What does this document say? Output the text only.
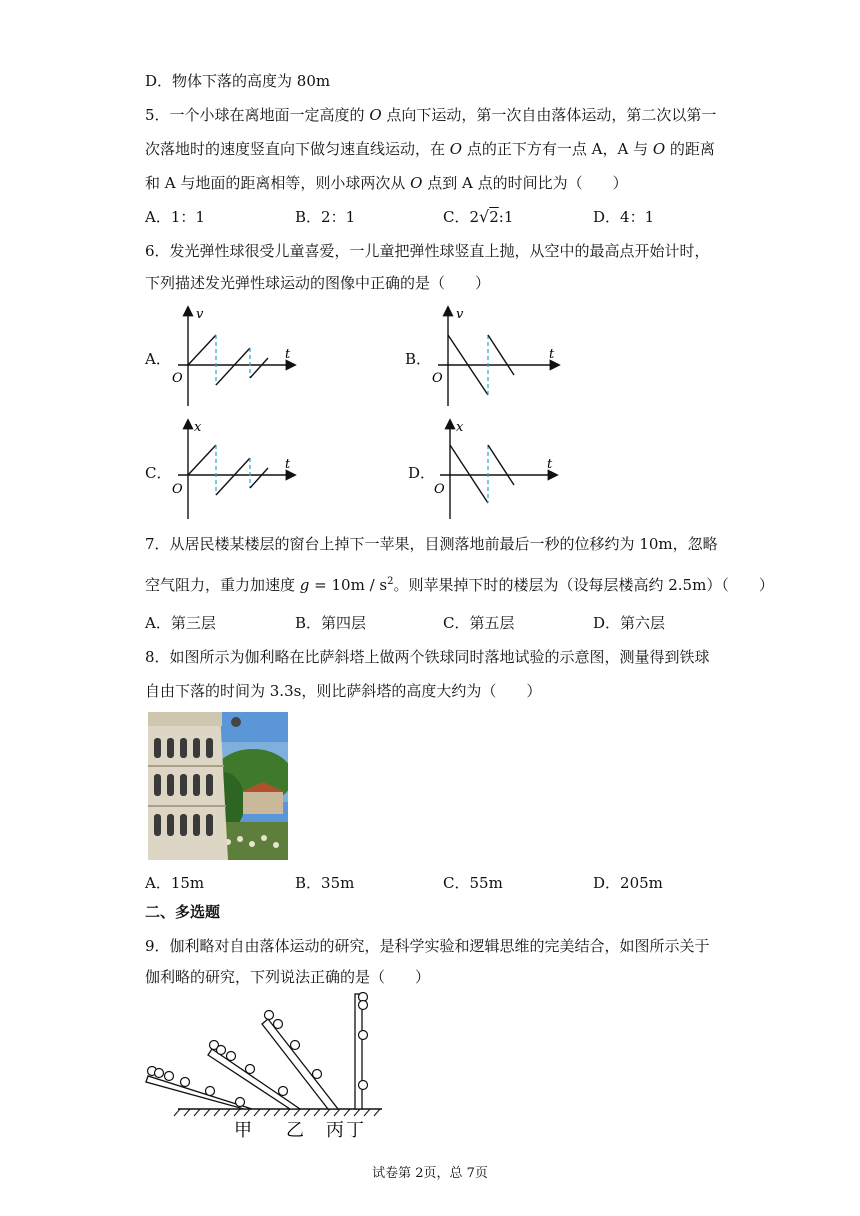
D．物体下落的高度为 80m
5．一个小球在离地面一定高度的 O 点向下运动，第一次自由落体运动，第二次以第一
次落地时的速度竖直向下做匀速直线运动，在 O 点的正下方有一点 A，A 与 O 的距离
和 A 与地面的距离相等，则小球两次从 O 点到 A 点的时间比为（　　）
A．1：1	B．2：1	C．2√2:1	D．4：1
6．发光弹性球很受儿童喜爱，一儿童把弹性球竖直上抛，从空中的最高点开始计时，
下列描述发光弹性球运动的图像中正确的是（　　）
A．	B．
C．	D．
v
t
O
v
t
O
x
t
O
x
t
O
7．从居民楼某楼层的窗台上掉下一苹果，目测落地前最后一秒的位移约为 10m，忽略
空气阻力，重力加速度 $g = 10m / s^2$。则苹果掉下时的楼层为（设每层楼高约 2.5m）（　　）
A．第三层	B．第四层	C．第五层	D．第六层
8．如图所示为伽利略在比萨斜塔上做两个铁球同时落地试验的示意图，测量得到铁球
自由下落的时间为 3.3s，则比萨斜塔的高度大约为（　　）
A．15m	B．35m	C．55m	D．205m
二、多选题
9．伽利略对自由落体运动的研究，是科学实验和逻辑思维的完美结合，如图所示关于
伽利略的研究，下列说法正确的是（　　）
甲 乙 丙 丁
试卷第 2页，总 7页
